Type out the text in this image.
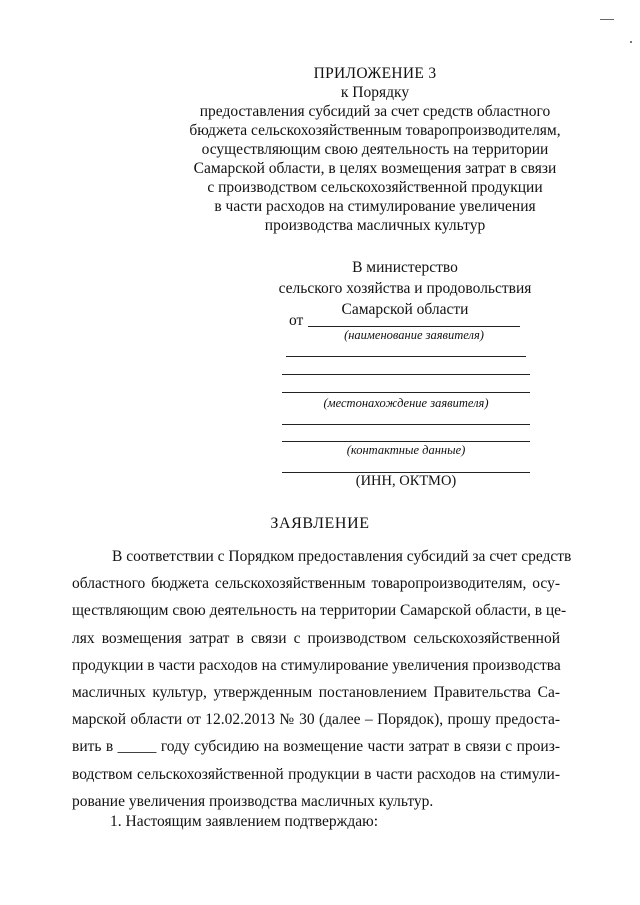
ПРИЛОЖЕНИЕ 3
к Порядку
предоставления субсидий за счет средств областного
бюджета сельскохозяйственным товаропроизводителям,
осуществляющим свою деятельность на территории
Самарской области, в целях возмещения затрат в связи
с производством сельскохозяйственной продукции
в части расходов на стимулирование увеличения
производства масличных культур
В министерство
сельского хозяйства и продовольствия
Самарской области
от
(наименование заявителя)
(местонахождение заявителя)
(контактные данные)
(ИНН, ОКТМО)
ЗАЯВЛЕНИЕ
В соответствии с Порядком предоставления субсидий за счет средств
областного бюджета сельскохозяйственным товаропроизводителям, осу-
ществляющим свою деятельность на территории Самарской области, в це-
лях возмещения затрат в связи с производством сельскохозяйственной
продукции в части расходов на стимулирование увеличения производства
масличных культур, утвержденным постановлением Правительства Са-
марской области от 12.02.2013 № 30 (далее – Порядок), прошу предоста-
вить в _____ году субсидию на возмещение части затрат в связи с произ-
водством сельскохозяйственной продукции в части расходов на стимули-
рование увеличения производства масличных культур.
1. Настоящим заявлением подтверждаю:
